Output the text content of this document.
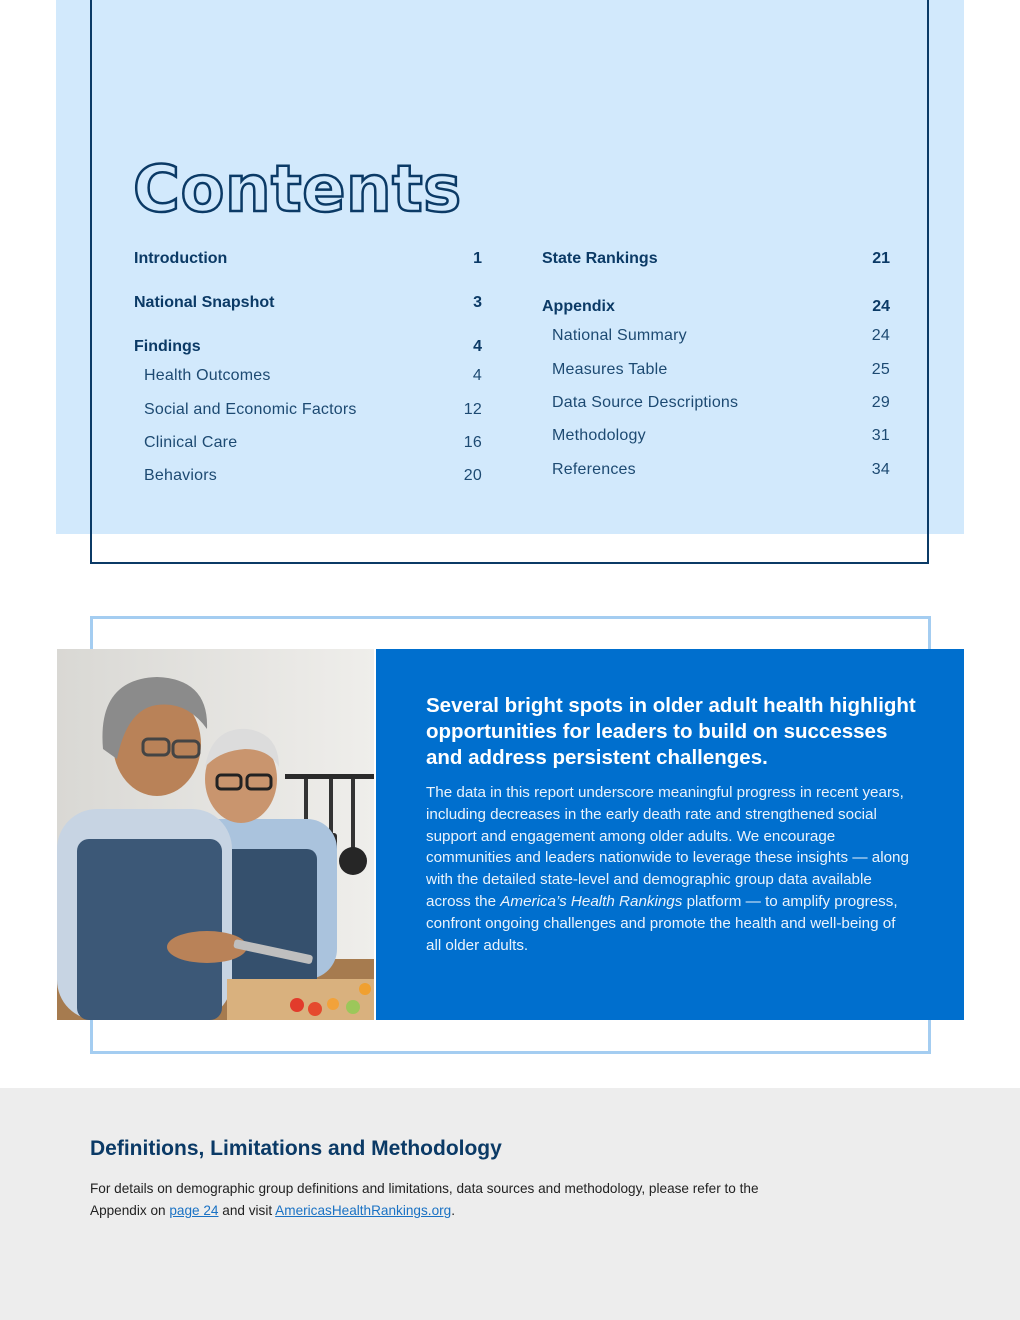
Contents
Introduction	1
National Snapshot	3
Findings	4
Health Outcomes	4
Social and Economic Factors	12
Clinical Care	16
Behaviors	20
State Rankings	21
Appendix	24
National Summary	24
Measures Table	25
Data Source Descriptions	29
Methodology	31
References	34
Several bright spots in older adult health highlight opportunities for leaders to build on successes and address persistent challenges.

The data in this report underscore meaningful progress in recent years, including decreases in the early death rate and strengthened social support and engagement among older adults. We encourage communities and leaders nationwide to leverage these insights — along with the detailed state-level and demographic group data available across the America’s Health Rankings platform — to amplify progress, confront ongoing challenges and promote the health and well-being of all older adults.

Definitions, Limitations and Methodology

For details on demographic group definitions and limitations, data sources and methodology, please refer to the Appendix on page 24 and visit AmericasHealthRankings.org.
